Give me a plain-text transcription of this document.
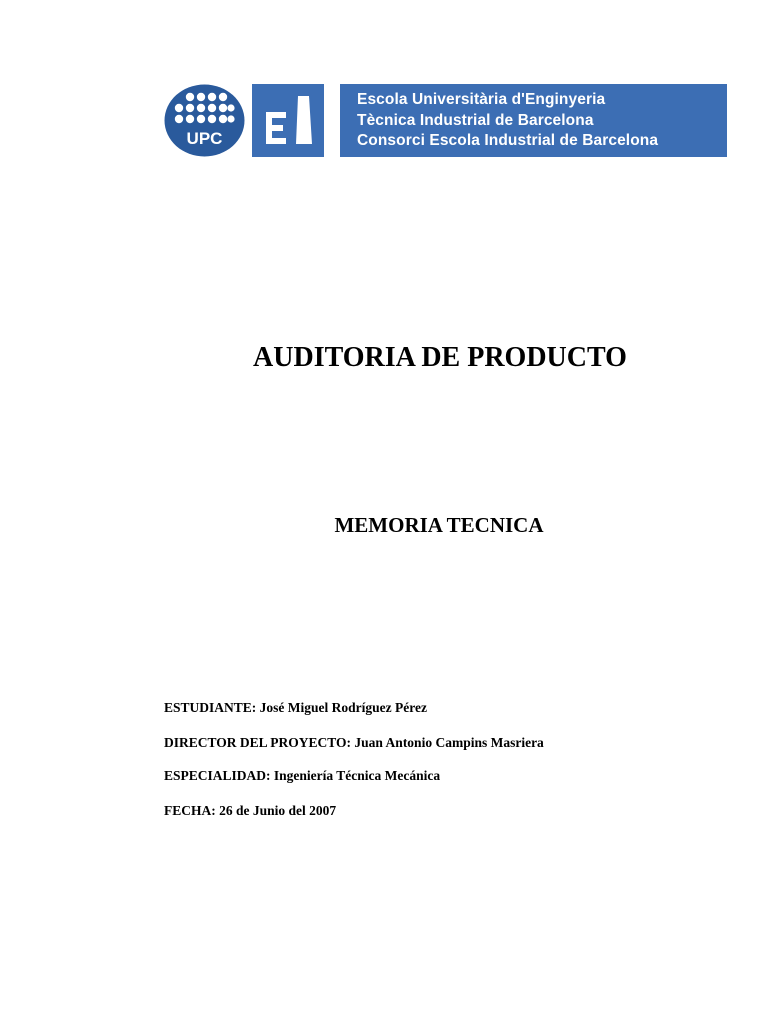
UPC
Escola Universitària d'Enginyeria
Tècnica Industrial de Barcelona
Consorci Escola Industrial de Barcelona
AUDITORIA DE PRODUCTO
MEMORIA TECNICA
ESTUDIANTE: José Miguel Rodríguez Pérez
DIRECTOR DEL PROYECTO: Juan Antonio Campins Masriera
ESPECIALIDAD: Ingeniería Técnica Mecánica
FECHA: 26 de Junio del 2007
